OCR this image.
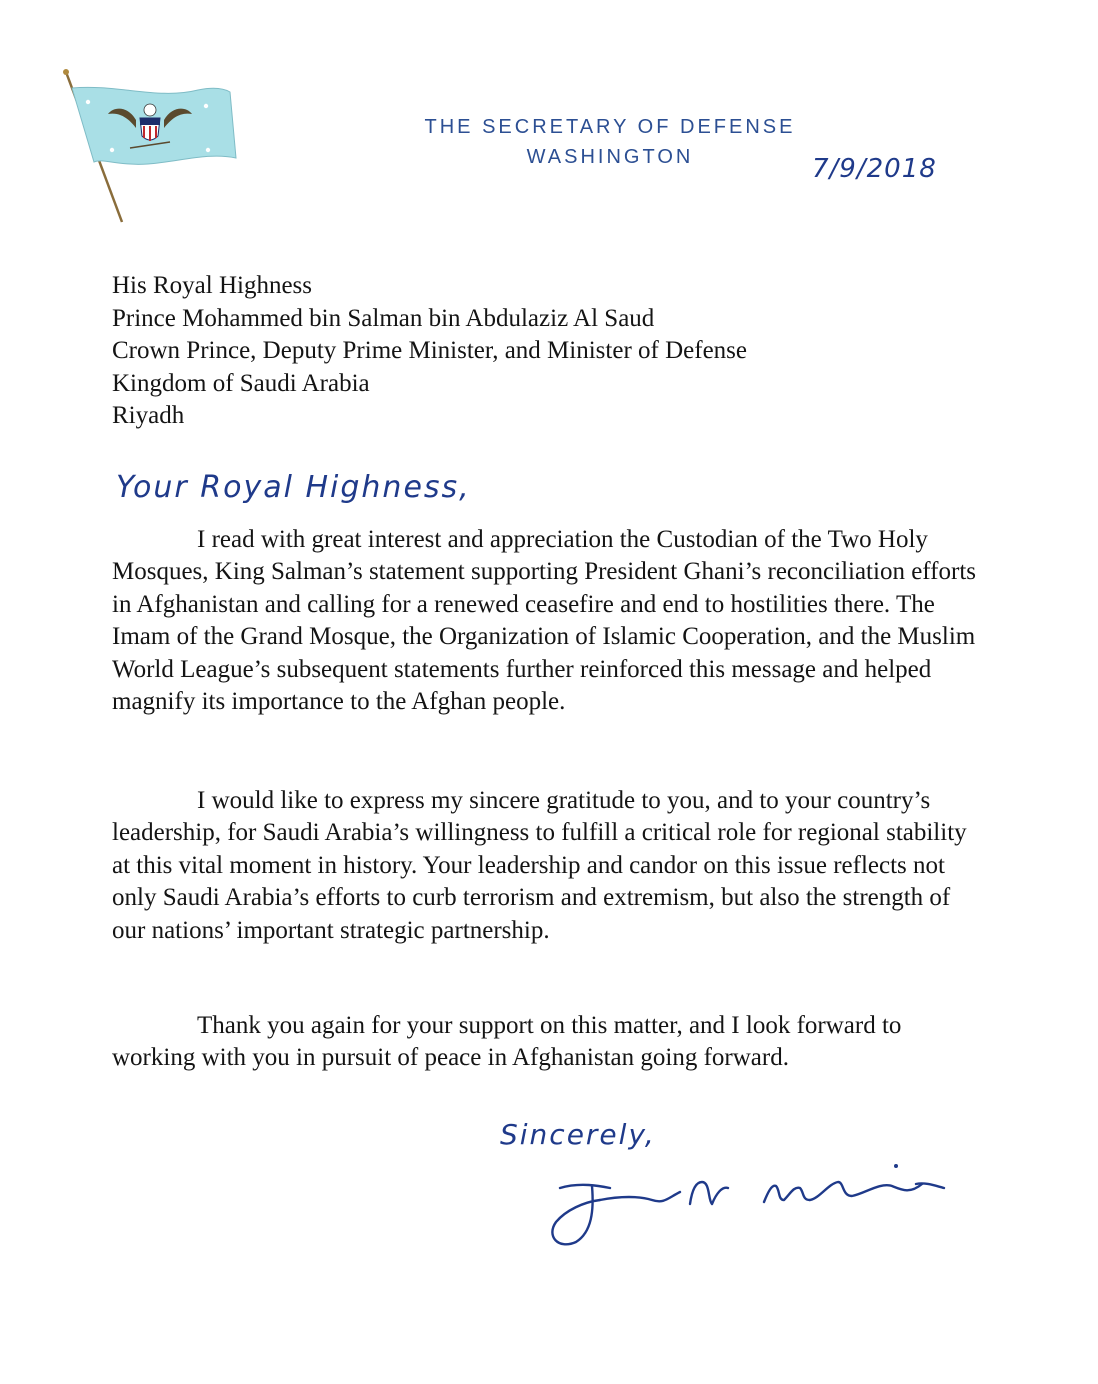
THE SECRETARY OF DEFENSE
WASHINGTON	7/9/2018
His Royal Highness
Prince Mohammed bin Salman bin Abdulaziz Al Saud
Crown Prince, Deputy Prime Minister, and Minister of Defense
Kingdom of Saudi Arabia
Riyadh
Your Royal Highness,

I read with great interest and appreciation the Custodian of the Two Holy Mosques, King Salman’s statement supporting President Ghani’s reconciliation efforts in Afghanistan and calling for a renewed ceasefire and end to hostilities there. The Imam of the Grand Mosque, the Organization of Islamic Cooperation, and the Muslim World League’s subsequent statements further reinforced this message and helped magnify its importance to the Afghan people.

I would like to express my sincere gratitude to you, and to your country’s leadership, for Saudi Arabia’s willingness to fulfill a critical role for regional stability at this vital moment in history. Your leadership and candor on this issue reflects not only Saudi Arabia’s efforts to curb terrorism and extremism, but also the strength of our nations’ important strategic partnership.

Thank you again for your support on this matter, and I look forward to working with you in pursuit of peace in Afghanistan going forward.

Sincerely,
